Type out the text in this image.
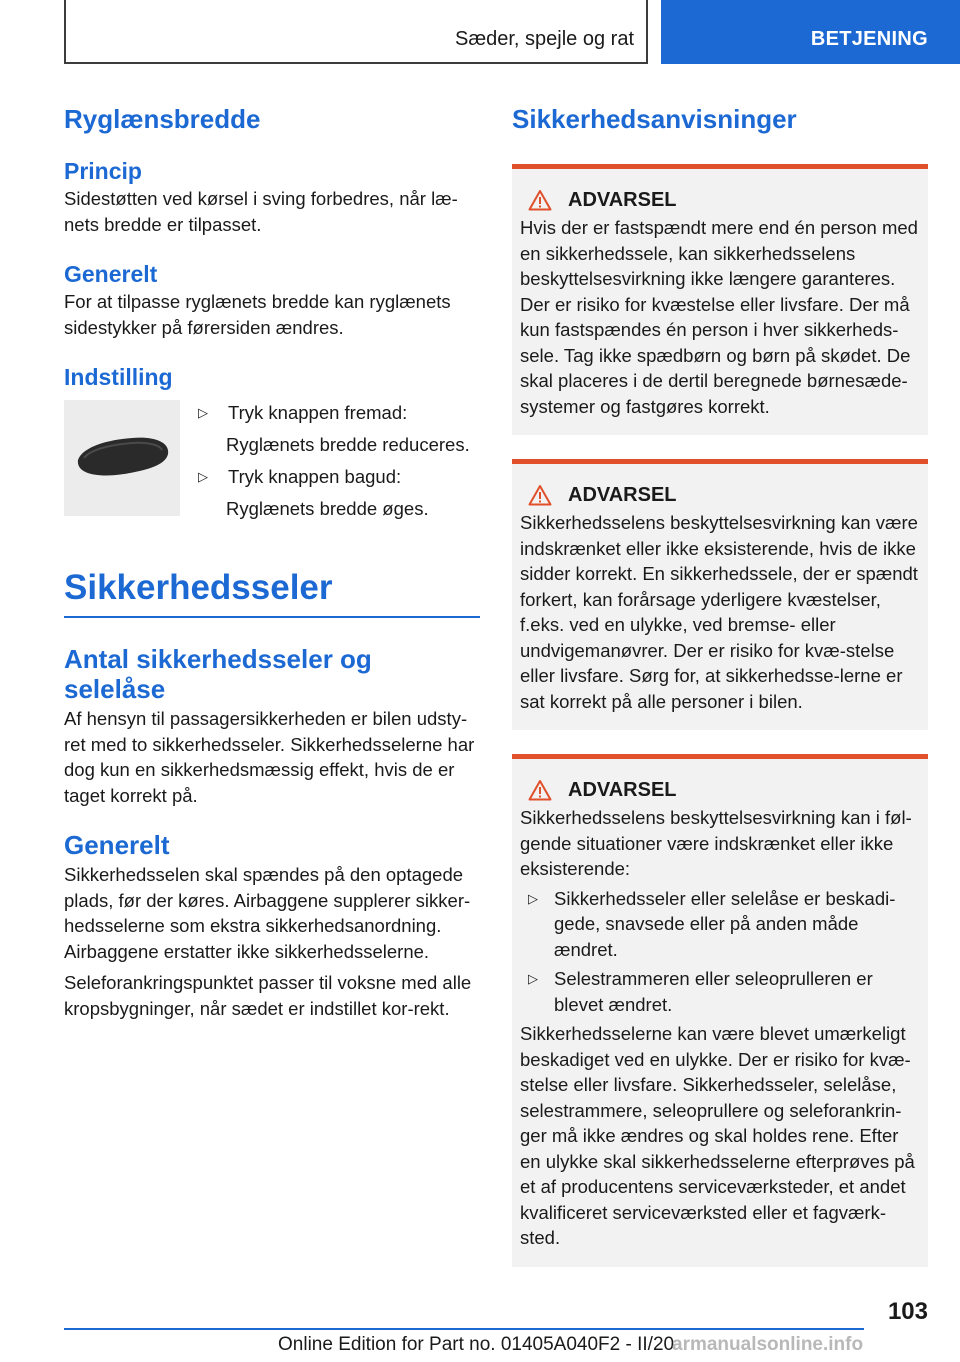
Sæder, spejle og rat	BETJENING
Ryglænsbredde
Princip

Sidestøtten ved kørsel i sving forbedres, når læ-nets bredde er tilpasset.

Generelt

For at tilpasse ryglænets bredde kan ryglænets sidestykker på førersiden ændres.

Indstilling
▷	Tryk knappen fremad:
Ryglænets bredde reduceres.
▷	Tryk knappen bagud:
Ryglænets bredde øges.
Sikkerhedsseler
Antal sikkerhedsseler og selelåse

Af hensyn til passagersikkerheden er bilen udsty-ret med to sikkerhedsseler. Sikkerhedsselerne har dog kun en sikkerhedsmæssig effekt, hvis de er taget korrekt på.

Generelt

Sikkerhedsselen skal spændes på den optagede plads, før der køres. Airbaggene supplerer sikker-hedsselerne som ekstra sikkerhedsanordning. Airbaggene erstatter ikke sikkerhedsselerne.

Seleforankringspunktet passer til voksne med alle kropsbygninger, når sædet er indstillet kor-rekt.

Sikkerhedsanvisninger
ADVARSEL

Hvis der er fastspændt mere end én person med en sikkerhedssele, kan sikkerhedsselens beskyttelsesvirkning ikke længere garanteres. Der er risiko for kvæstelse eller livsfare. Der må kun fastspændes én person i hver sikkerheds-sele. Tag ikke spædbørn og børn på skødet. De skal placeres i de dertil beregnede børnesæde-systemer og fastgøres korrekt.

ADVARSEL

Sikkerhedsselens beskyttelsesvirkning kan være indskrænket eller ikke eksisterende, hvis de ikke sidder korrekt. En sikkerhedssele, der er spændt forkert, kan forårsage yderligere kvæstelser, f.eks. ved en ulykke, ved bremse- eller undvigemanøvrer. Der er risiko for kvæ-stelse eller livsfare. Sørg for, at sikkerhedsse-lerne er sat korrekt på alle personer i bilen.

ADVARSEL

Sikkerhedsselens beskyttelsesvirkning kan i føl-gende situationer være indskrænket eller ikke eksisterende:

▷ Sikkerhedsseler eller selelåse er beskadi-gede, snavsede eller på anden måde ændret.
▷ Selestrammeren eller seleoprulleren er blevet ændret.

Sikkerhedsselerne kan være blevet umærkeligt beskadiget ved en ulykke. Der er risiko for kvæ-stelse eller livsfare. Sikkerhedsseler, selelåse, selestrammere, seleoprullere og seleforankrin-ger må ikke ændres og skal holdes rene. Efter en ulykke skal sikkerhedsselerne efterprøves på et af producentens serviceværksteder, et andet kvalificeret serviceværksted eller et fagværk-sted.

103
Online Edition for Part no. 01405A040F2 - II/20
armanualsonline.info
